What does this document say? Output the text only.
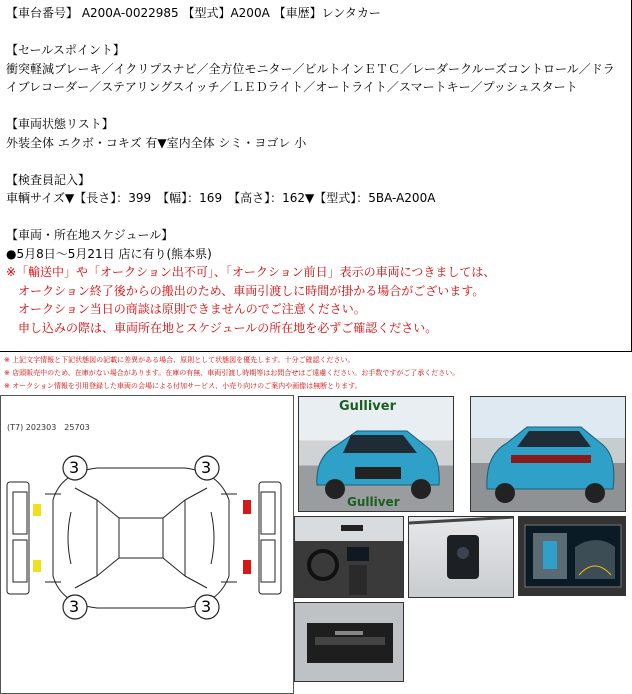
【車台番号】 A200A-0022985 【型式】A200A 【車歴】レンタカー

【セールスポイント】

衝突軽減ブレーキ／イクリプスナビ／全方位モニター／ビルトインＥＴＣ／レーダークルーズコントロール／ドライブレコーダー／ステアリングスイッチ／ＬＥＤライト／オートライト／スマートキー／プッシュスタート

【車両状態リスト】

外装全体 エクボ・コキズ 有▼室内全体 シミ・ヨゴレ 小

【検査員記入】

車輌サイズ▼【長さ】：399　【幅】：169　【高さ】：162▼【型式】：5BA-A200A

【車両・所在地スケジュール】

●5月8日～5月21日 店に有り(熊本県)

※「輸送中」や「オークション出不可」、「オークション前日」表示の車両につきましては、

　オークション終了後からの搬出のため、車両引渡しに時間が掛かる場合がございます。

　オークション当日の商談は原則できませんのでご注意ください。

　申し込みの際は、車両所在地とスケジュールの所在地を必ずご確認ください。

※ 上記文字情報と下記状態図の記載に差異がある場合、原則として状態図を優先します。十分ご確認ください。

※ 店頭販売中のため、在庫がない場合があります。在庫の有無、車両引渡し時期等はお問合せはご遠慮ください。お手数ですがご了承ください。

※ オークション情報を引用登録した車両の会場による付加サービス、小売り向けのご案内や画像は無断とります。

(T7) 202303　25703
3	3
3	3
Gulliver
Gulliver
